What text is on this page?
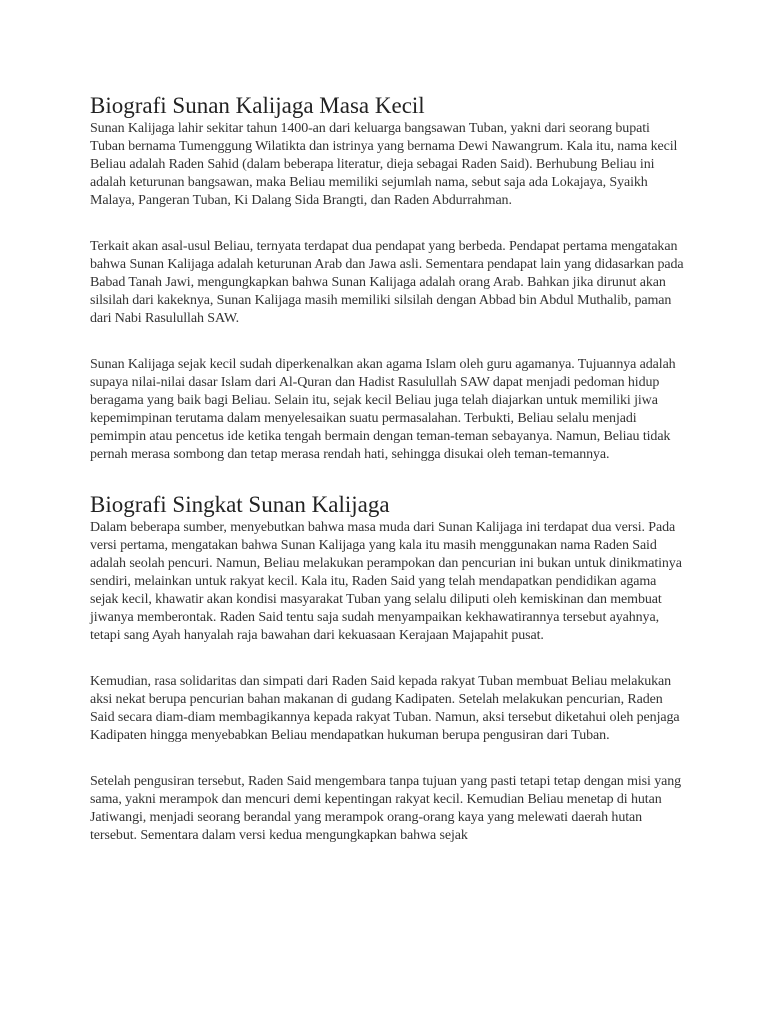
Biografi Sunan Kalijaga Masa Kecil

Sunan Kalijaga lahir sekitar tahun 1400-an dari keluarga bangsawan Tuban, yakni dari seorang bupati Tuban bernama Tumenggung Wilatikta dan istrinya yang bernama Dewi Nawangrum. Kala itu, nama kecil Beliau adalah Raden Sahid (dalam beberapa literatur, dieja sebagai Raden Said). Berhubung Beliau ini adalah keturunan bangsawan, maka Beliau memiliki sejumlah nama, sebut saja ada Lokajaya, Syaikh Malaya, Pangeran Tuban, Ki Dalang Sida Brangti, dan Raden Abdurrahman.

Terkait akan asal-usul Beliau, ternyata terdapat dua pendapat yang berbeda. Pendapat pertama mengatakan bahwa Sunan Kalijaga adalah keturunan Arab dan Jawa asli. Sementara pendapat lain yang didasarkan pada Babad Tanah Jawi, mengungkapkan bahwa Sunan Kalijaga adalah orang Arab. Bahkan jika dirunut akan silsilah dari kakeknya, Sunan Kalijaga masih memiliki silsilah dengan Abbad bin Abdul Muthalib, paman dari Nabi Rasulullah SAW.

Sunan Kalijaga sejak kecil sudah diperkenalkan akan agama Islam oleh guru agamanya. Tujuannya adalah supaya nilai-nilai dasar Islam dari Al-Quran dan Hadist Rasulullah SAW dapat menjadi pedoman hidup beragama yang baik bagi Beliau. Selain itu, sejak kecil Beliau juga telah diajarkan untuk memiliki jiwa kepemimpinan terutama dalam menyelesaikan suatu permasalahan. Terbukti, Beliau selalu menjadi pemimpin atau pencetus ide ketika tengah bermain dengan teman-teman sebayanya. Namun, Beliau tidak pernah merasa sombong dan tetap merasa rendah hati, sehingga disukai oleh teman-temannya.

Biografi Singkat Sunan Kalijaga

Dalam beberapa sumber, menyebutkan bahwa masa muda dari Sunan Kalijaga ini terdapat dua versi. Pada versi pertama, mengatakan bahwa Sunan Kalijaga yang kala itu masih menggunakan nama Raden Said adalah seolah pencuri. Namun, Beliau melakukan perampokan dan pencurian ini bukan untuk dinikmatinya sendiri, melainkan untuk rakyat kecil. Kala itu, Raden Said yang telah mendapatkan pendidikan agama sejak kecil, khawatir akan kondisi masyarakat Tuban yang selalu diliputi oleh kemiskinan dan membuat jiwanya memberontak. Raden Said tentu saja sudah menyampaikan kekhawatirannya tersebut ayahnya, tetapi sang Ayah hanyalah raja bawahan dari kekuasaan Kerajaan Majapahit pusat.

Kemudian, rasa solidaritas dan simpati dari Raden Said kepada rakyat Tuban membuat Beliau melakukan aksi nekat berupa pencurian bahan makanan di gudang Kadipaten. Setelah melakukan pencurian, Raden Said secara diam-diam membagikannya kepada rakyat Tuban. Namun, aksi tersebut diketahui oleh penjaga Kadipaten hingga menyebabkan Beliau mendapatkan hukuman berupa pengusiran dari Tuban.

Setelah pengusiran tersebut, Raden Said mengembara tanpa tujuan yang pasti tetapi tetap dengan misi yang sama, yakni merampok dan mencuri demi kepentingan rakyat kecil. Kemudian Beliau menetap di hutan Jatiwangi, menjadi seorang berandal yang merampok orang-orang kaya yang melewati daerah hutan tersebut. Sementara dalam versi kedua mengungkapkan bahwa sejak
